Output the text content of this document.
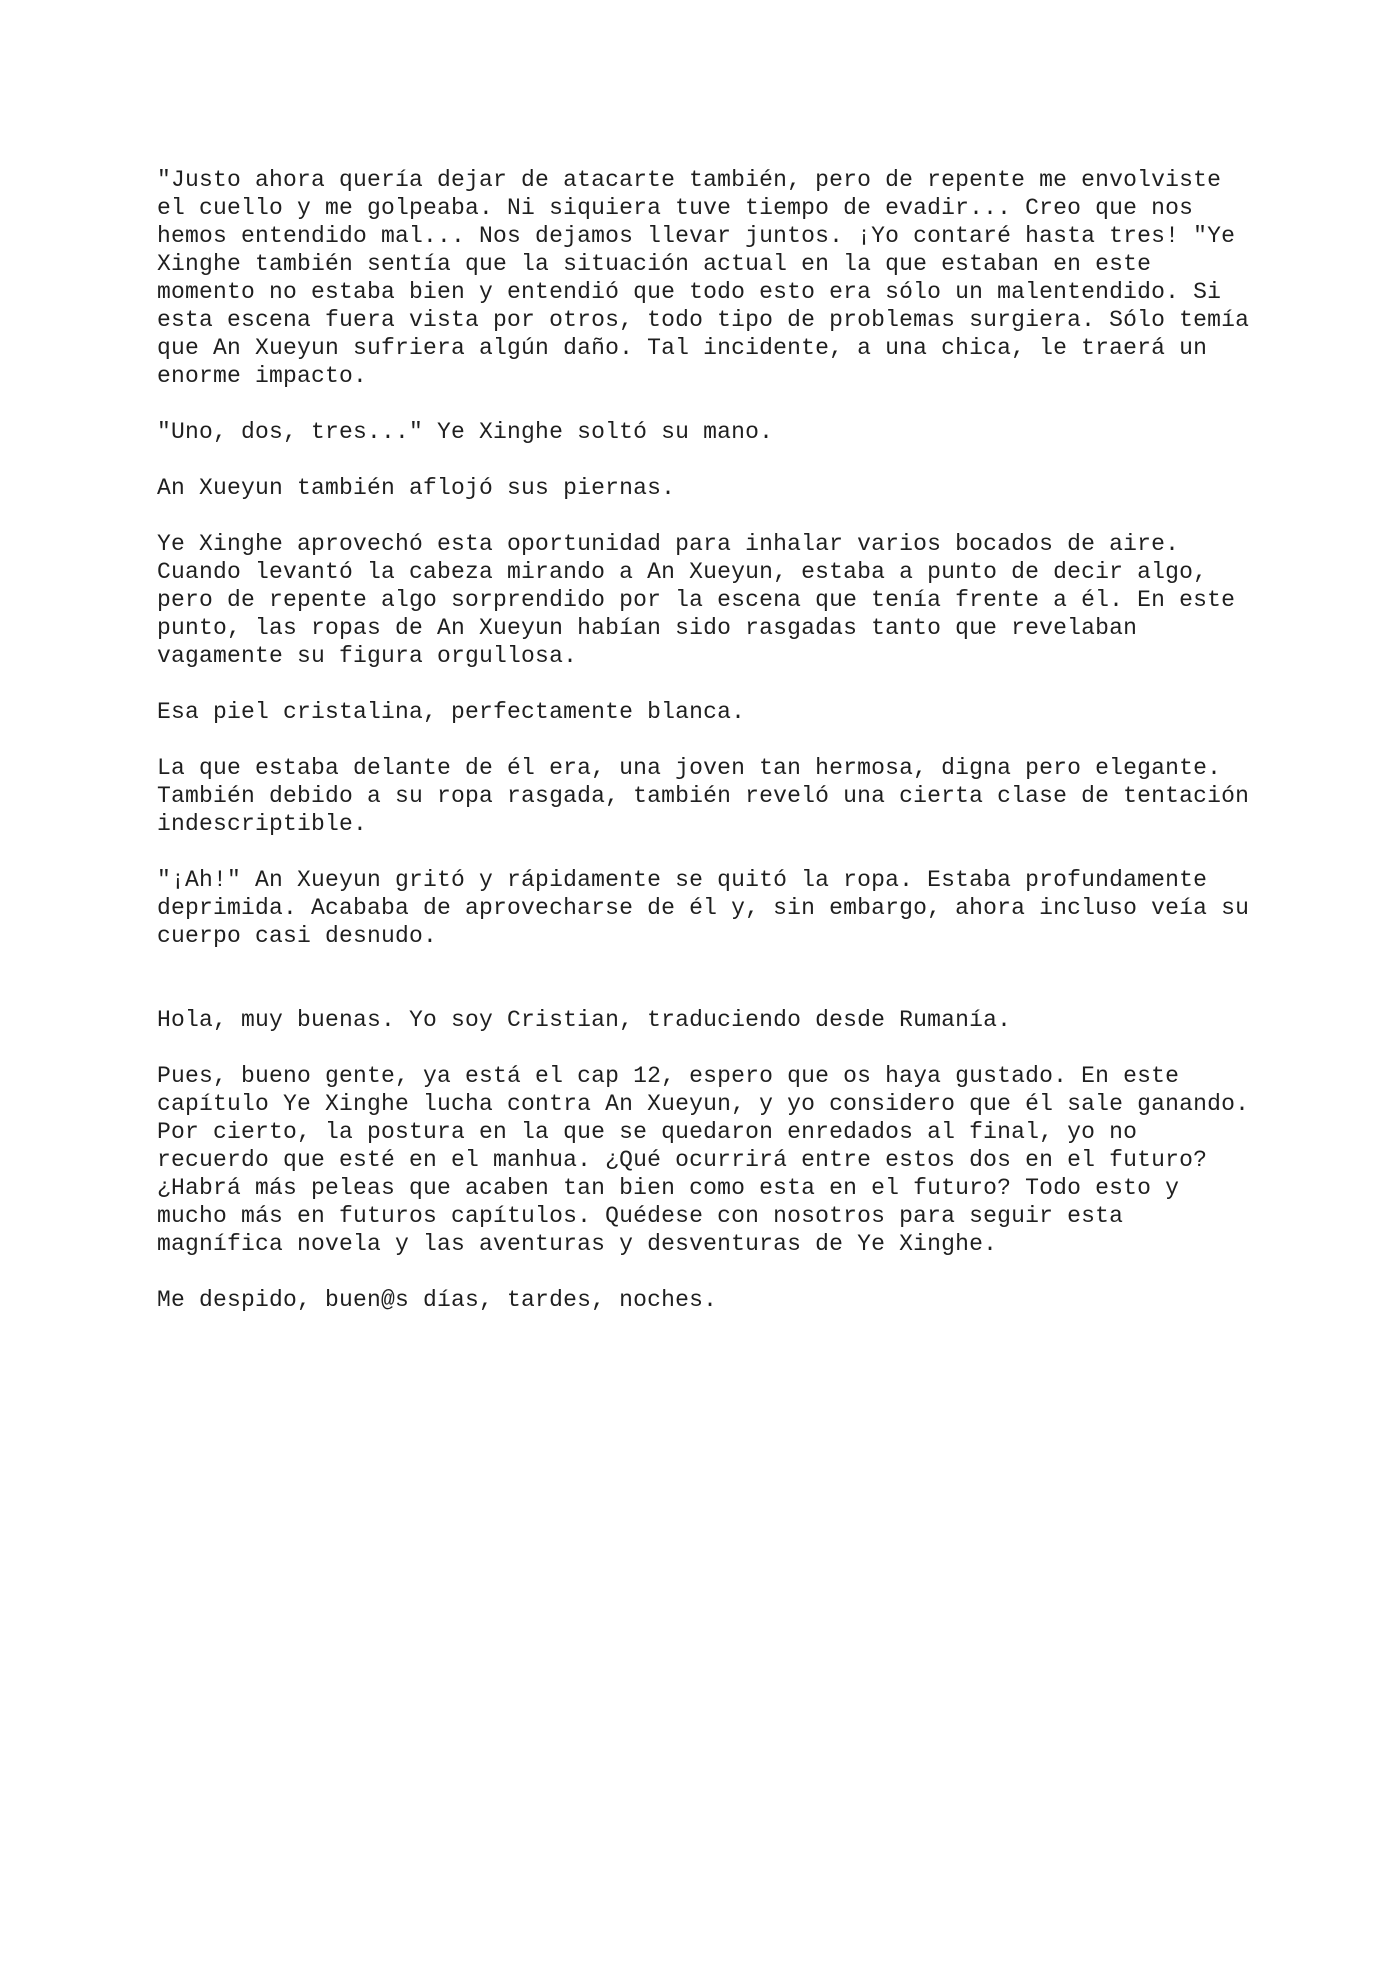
"Justo ahora quería dejar de atacarte también, pero de repente me envolviste el cuello y me golpeaba. Ni siquiera tuve tiempo de evadir... Creo que nos hemos entendido mal... Nos dejamos llevar juntos. ¡Yo contaré hasta tres! "Ye Xinghe también sentía que la situación actual en la que estaban en este momento no estaba bien y entendió que todo esto era sólo un malentendido. Si esta escena fuera vista por otros, todo tipo de problemas surgiera. Sólo temía que An Xueyun sufriera algún daño. Tal incidente, a una chica, le traerá un enorme impacto.

"Uno, dos, tres..." Ye Xinghe soltó su mano.

An Xueyun también aflojó sus piernas.

Ye Xinghe aprovechó esta oportunidad para inhalar varios bocados de aire. Cuando levantó la cabeza mirando a An Xueyun, estaba a punto de decir algo, pero de repente algo sorprendido por la escena que tenía frente a él. En este punto, las ropas de An Xueyun habían sido rasgadas tanto que revelaban vagamente su figura orgullosa.

Esa piel cristalina, perfectamente blanca.

La que estaba delante de él era, una joven tan hermosa, digna pero elegante. También debido a su ropa rasgada, también reveló una cierta clase de tentación indescriptible.

"¡Ah!" An Xueyun gritó y rápidamente se quitó la ropa. Estaba profundamente deprimida. Acababa de aprovecharse de él y, sin embargo, ahora incluso veía su cuerpo casi desnudo.

Hola, muy buenas. Yo soy Cristian, traduciendo desde Rumanía.

Pues, bueno gente, ya está el cap 12, espero que os haya gustado. En este capítulo Ye Xinghe lucha contra An Xueyun, y yo considero que él sale ganando. Por cierto, la postura en la que se quedaron enredados al final, yo no recuerdo que esté en el manhua. ¿Qué ocurrirá entre estos dos en el futuro? ¿Habrá más peleas que acaben tan bien como esta en el futuro? Todo esto y mucho más en futuros capítulos. Quédese con nosotros para seguir esta magnífica novela y las aventuras y desventuras de Ye Xinghe.

Me despido, buen@s días, tardes, noches.
